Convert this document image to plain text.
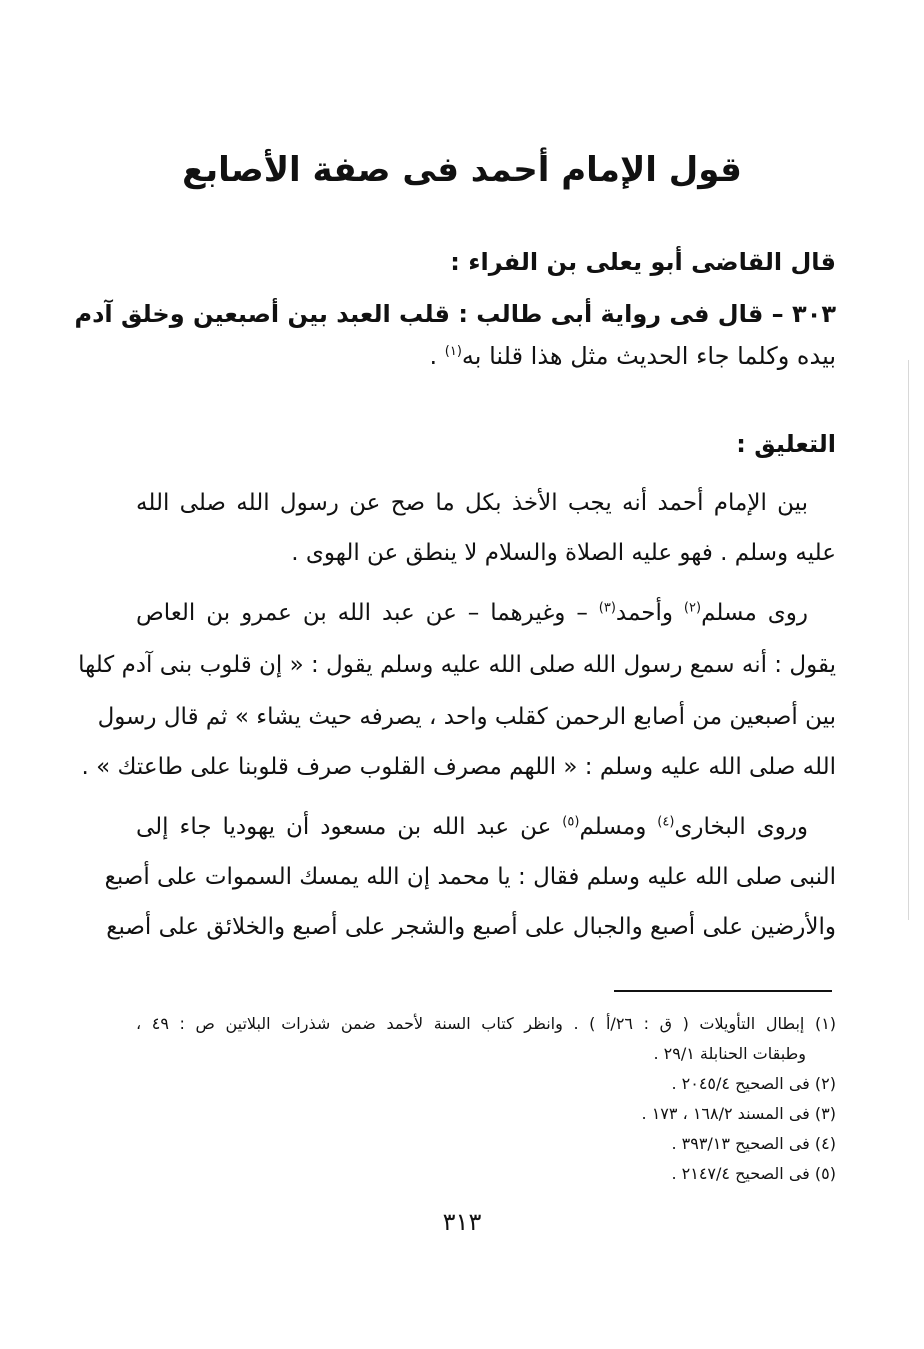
قول الإمام أحمد فى صفة الأصابع
قال القاضى أبو يعلى بن الفراء :
٣٠٣ – قال فى رواية أبى طالب : قلب العبد بين أصبعين وخلق آدم
بيده وكلما جاء الحديث مثل هذا قلنا به$^{(١)}$ .
التعليق :
بين الإمام أحمد أنه يجب الأخذ بكل ما صح عن رسول الله صلى الله
عليه وسلم . فهو عليه الصلاة والسلام لا ينطق عن الهوى .
روى مسلم$^{(٢)}$ وأحمد$^{(٣)}$ – وغيرهما – عن عبد الله بن عمرو بن العاص
يقول : أنه سمع رسول الله صلى الله عليه وسلم يقول : « إن قلوب بنى آدم كلها
بين أصبعين من أصابع الرحمن كقلب واحد ، يصرفه حيث يشاء » ثم قال رسول
الله صلى الله عليه وسلم : « اللهم مصرف القلوب صرف قلوبنا على طاعتك » .
وروى البخارى$^{(٤)}$ ومسلم$^{(٥)}$ عن عبد الله بن مسعود أن يهوديا جاء إلى
النبى صلى الله عليه وسلم فقال : يا محمد إن الله يمسك السموات على أصبع
والأرضين على أصبع والجبال على أصبع والشجر على أصبع والخلائق على أصبع
(١) إبطال التأويلات ( ق : ٢٦/أ ) . وانظر كتاب السنة لأحمد ضمن شذرات البلاتين ص : ٤٩ ،
وطبقات الحنابلة ٢٩/١ .
(٢) فى الصحيح ٢٠٤٥/٤ .
(٣) فى المسند ١٦٨/٢ ، ١٧٣ .
(٤) فى الصحيح ٣٩٣/١٣ .
(٥) فى الصحيح ٢١٤٧/٤ .
٣١٣
